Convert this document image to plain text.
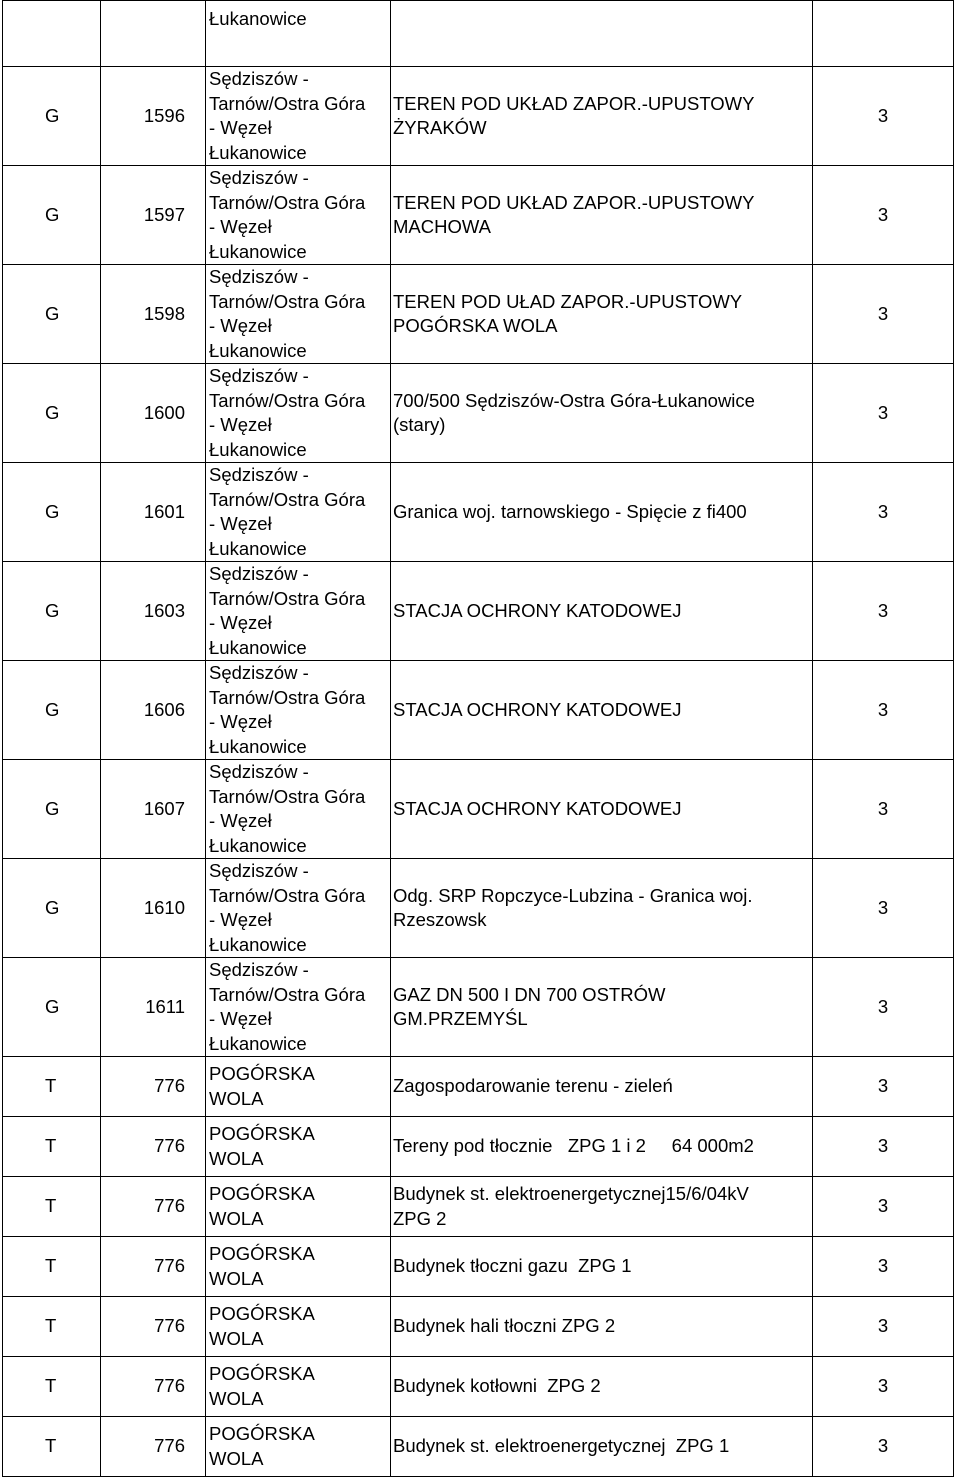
		Łukanowice		
G	1596	Sędziszów -
Tarnów/Ostra Góra
- Węzeł
Łukanowice	TEREN POD UKŁAD ZAPOR.-UPUSTOWY
ŻYRAKÓW	3
G	1597	Sędziszów -
Tarnów/Ostra Góra
- Węzeł
Łukanowice	TEREN POD UKŁAD ZAPOR.-UPUSTOWY
MACHOWA	3
G	1598	Sędziszów -
Tarnów/Ostra Góra
- Węzeł
Łukanowice	TEREN POD UŁAD ZAPOR.-UPUSTOWY
POGÓRSKA WOLA	3
G	1600	Sędziszów -
Tarnów/Ostra Góra
- Węzeł
Łukanowice	700/500 Sędziszów-Ostra Góra-Łukanowice
(stary)	3
G	1601	Sędziszów -
Tarnów/Ostra Góra
- Węzeł
Łukanowice	Granica woj. tarnowskiego - Spięcie z fi400	3
G	1603	Sędziszów -
Tarnów/Ostra Góra
- Węzeł
Łukanowice	STACJA OCHRONY KATODOWEJ	3
G	1606	Sędziszów -
Tarnów/Ostra Góra
- Węzeł
Łukanowice	STACJA OCHRONY KATODOWEJ	3
G	1607	Sędziszów -
Tarnów/Ostra Góra
- Węzeł
Łukanowice	STACJA OCHRONY KATODOWEJ	3
G	1610	Sędziszów -
Tarnów/Ostra Góra
- Węzeł
Łukanowice	Odg. SRP Ropczyce-Lubzina - Granica woj.
Rzeszowsk	3
G	1611	Sędziszów -
Tarnów/Ostra Góra
- Węzeł
Łukanowice	GAZ DN 500 I DN 700 OSTRÓW
GM.PRZEMYŚL	3
T	776	POGÓRSKA
WOLA	Zagospodarowanie terenu - zieleń	3
T	776	POGÓRSKA
WOLA	Tereny pod tłocznie   ZPG 1 i 2     64 000m2	3
T	776	POGÓRSKA
WOLA	Budynek st. elektroenergetycznej15/6/04kV
ZPG 2	3
T	776	POGÓRSKA
WOLA	Budynek tłoczni gazu  ZPG 1	3
T	776	POGÓRSKA
WOLA	Budynek hali tłoczni ZPG 2	3
T	776	POGÓRSKA
WOLA	Budynek kotłowni  ZPG 2	3
T	776	POGÓRSKA
WOLA	Budynek st. elektroenergetycznej  ZPG 1	3
